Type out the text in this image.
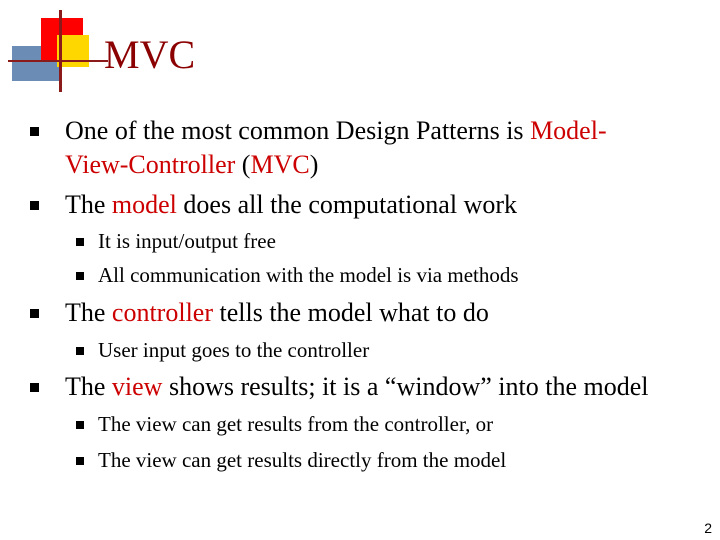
MVC
One of the most common Design Patterns is Model-
View-Controller (MVC)
The model does all the computational work
It is input/output free
All communication with the model is via methods
The controller tells the model what to do
User input goes to the controller
The view shows results; it is a “window” into the model
The view can get results from the controller, or
The view can get results directly from the model
2
